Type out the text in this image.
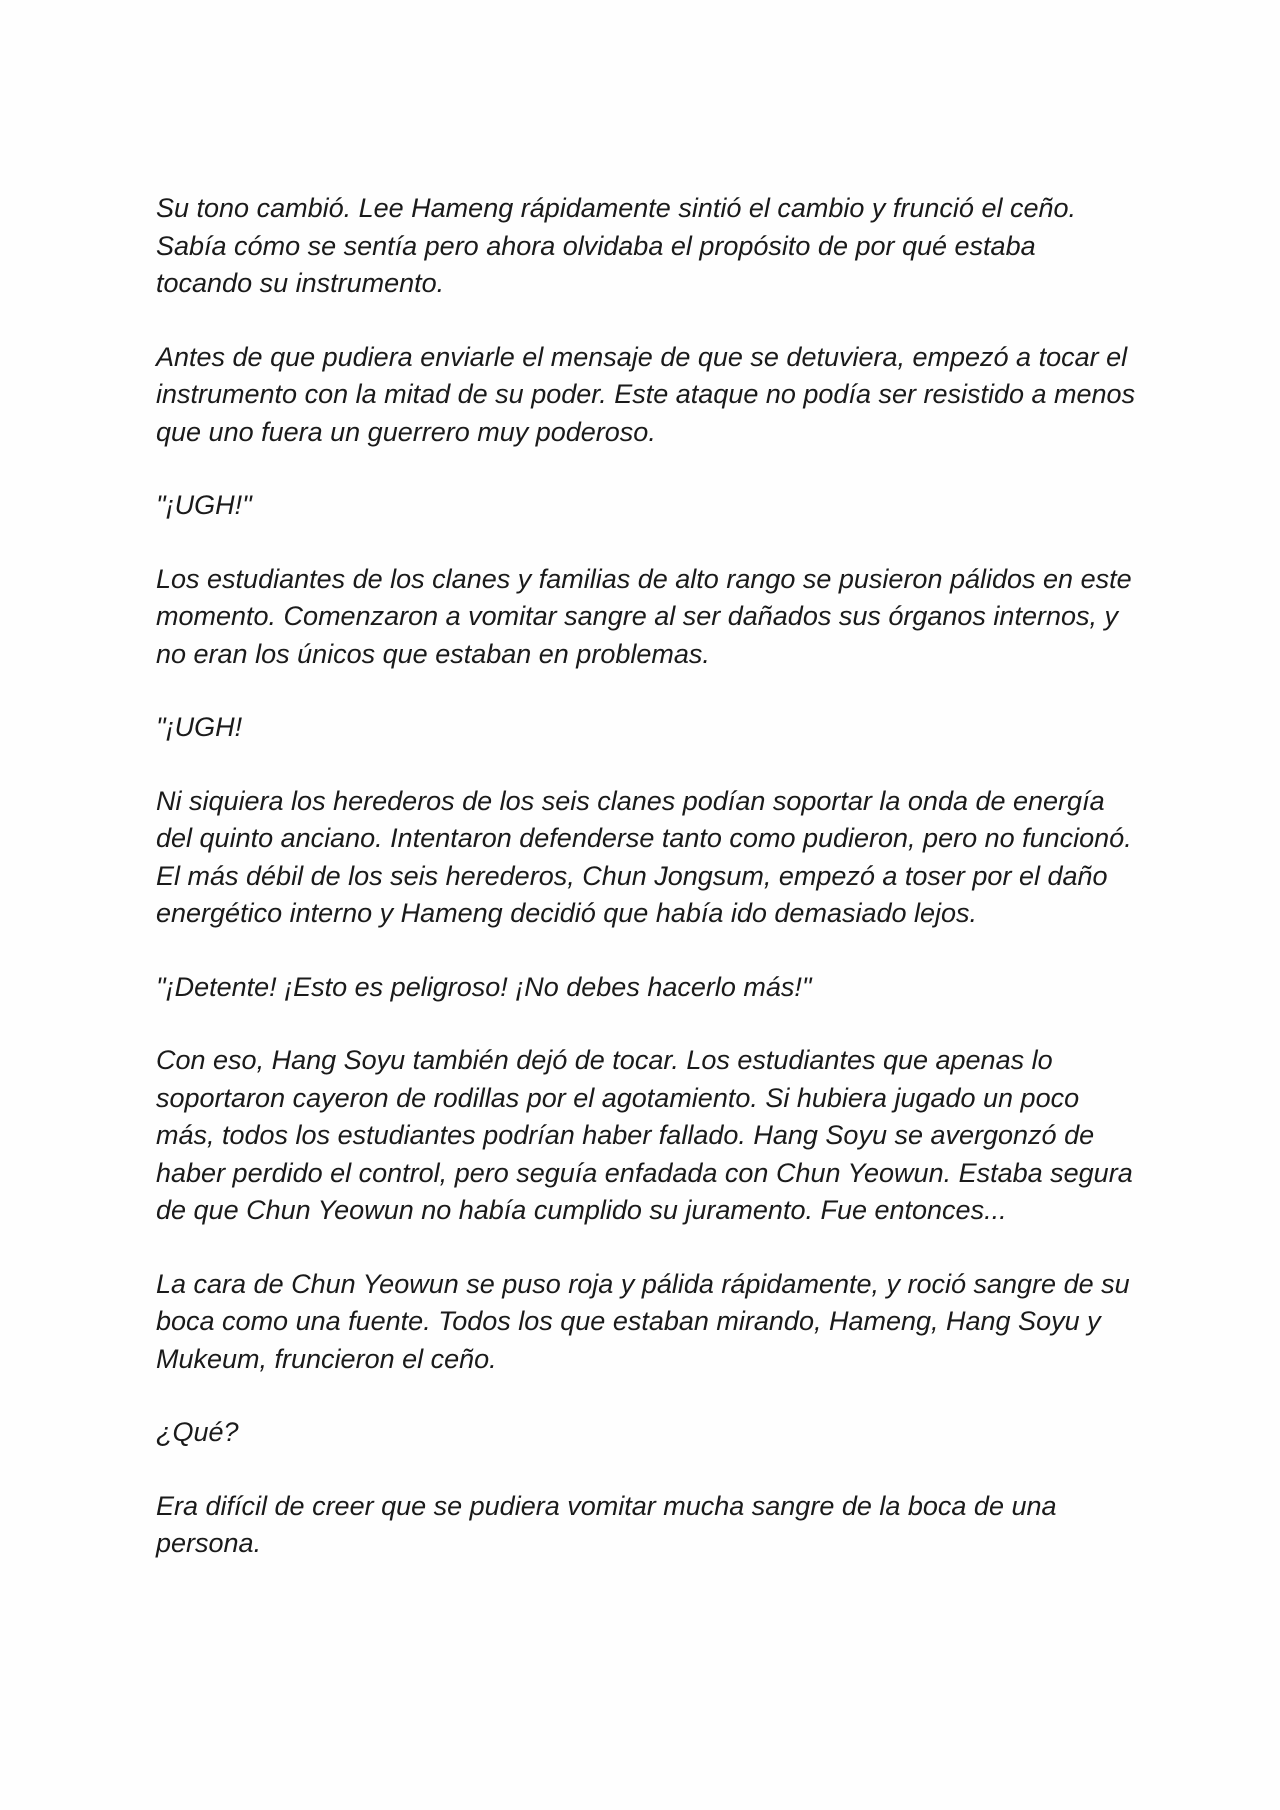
Su tono cambió. Lee Hameng rápidamente sintió el cambio y frunció el ceño. Sabía cómo se sentía pero ahora olvidaba el propósito de por qué estaba tocando su instrumento.

Antes de que pudiera enviarle el mensaje de que se detuviera, empezó a tocar el instrumento con la mitad de su poder. Este ataque no podía ser resistido a menos que uno fuera un guerrero muy poderoso.

"¡UGH!"

Los estudiantes de los clanes y familias de alto rango se pusieron pálidos en este momento. Comenzaron a vomitar sangre al ser dañados sus órganos internos, y no eran los únicos que estaban en problemas.

"¡UGH!

Ni siquiera los herederos de los seis clanes podían soportar la onda de energía del quinto anciano. Intentaron defenderse tanto como pudieron, pero no funcionó. El más débil de los seis herederos, Chun Jongsum, empezó a toser por el daño energético interno y Hameng decidió que había ido demasiado lejos.

"¡Detente! ¡Esto es peligroso! ¡No debes hacerlo más!"

Con eso, Hang Soyu también dejó de tocar. Los estudiantes que apenas lo soportaron cayeron de rodillas por el agotamiento. Si hubiera jugado un poco más, todos los estudiantes podrían haber fallado. Hang Soyu se avergonzó de haber perdido el control, pero seguía enfadada con Chun Yeowun. Estaba segura de que Chun Yeowun no había cumplido su juramento. Fue entonces...

La cara de Chun Yeowun se puso roja y pálida rápidamente, y roció sangre de su boca como una fuente. Todos los que estaban mirando, Hameng, Hang Soyu y Mukeum, fruncieron el ceño.

¿Qué?

Era difícil de creer que se pudiera vomitar mucha sangre de la boca de una persona.
